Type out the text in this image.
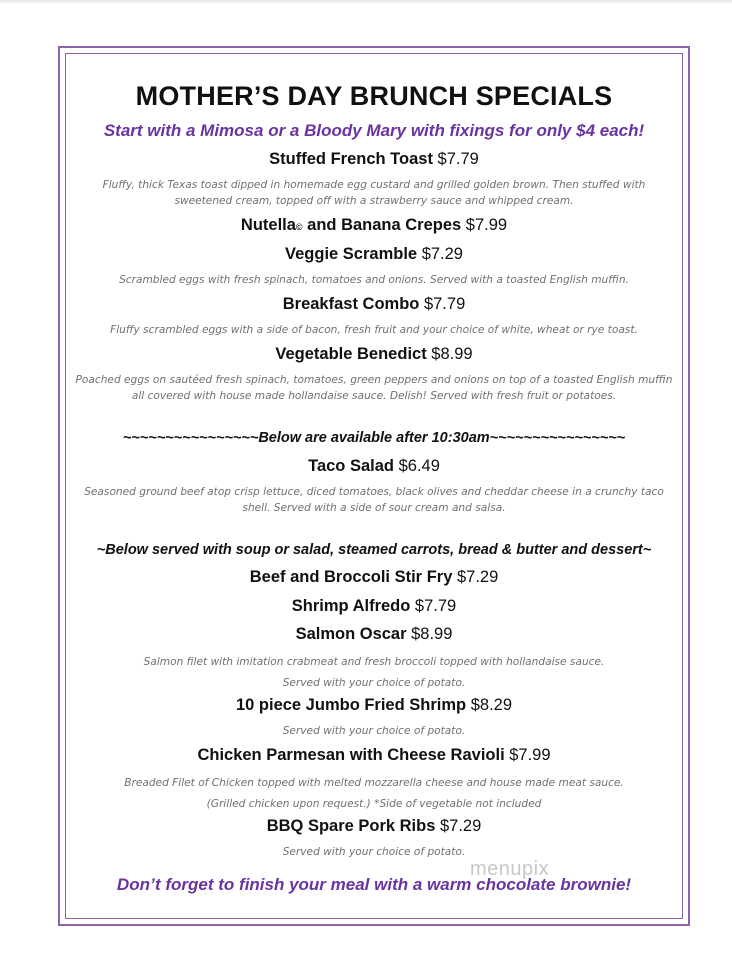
MOTHER’S DAY BRUNCH SPECIALS
Start with a Mimosa or a Bloody Mary with fixings for only $4 each!
Stuffed French Toast $7.79
Fluffy, thick Texas toast dipped in homemade egg custard and grilled golden brown. Then stuffed with
sweetened cream, topped off with a strawberry sauce and whipped cream.
Nutella© and Banana Crepes $7.99
Veggie Scramble $7.29
Scrambled eggs with fresh spinach, tomatoes and onions. Served with a toasted English muffin.
Breakfast Combo $7.79
Fluffy scrambled eggs with a side of bacon, fresh fruit and your choice of white, wheat or rye toast.
Vegetable Benedict $8.99
Poached eggs on sautéed fresh spinach, tomatoes, green peppers and onions on top of a toasted English muffin
all covered with house made hollandaise sauce. Delish! Served with fresh fruit or potatoes.
~~~~~~~~~~~~~~~~Below are available after 10:30am~~~~~~~~~~~~~~~~
Taco Salad $6.49
Seasoned ground beef atop crisp lettuce, diced tomatoes, black olives and cheddar cheese in a crunchy taco
shell. Served with a side of sour cream and salsa.
~Below served with soup or salad, steamed carrots, bread & butter and dessert~
Beef and Broccoli Stir Fry $7.29
Shrimp Alfredo $7.79
Salmon Oscar $8.99
Salmon filet with imitation crabmeat and fresh broccoli topped with hollandaise sauce.
Served with your choice of potato.
10 piece Jumbo Fried Shrimp $8.29
Served with your choice of potato.
Chicken Parmesan with Cheese Ravioli $7.99
Breaded Filet of Chicken topped with melted mozzarella cheese and house made meat sauce.
(Grilled chicken upon request.) *Side of vegetable not included
BBQ Spare Pork Ribs $7.29
Served with your choice of potato.
Don’t forget to finish your meal with a warm chocolate brownie!
menupix
